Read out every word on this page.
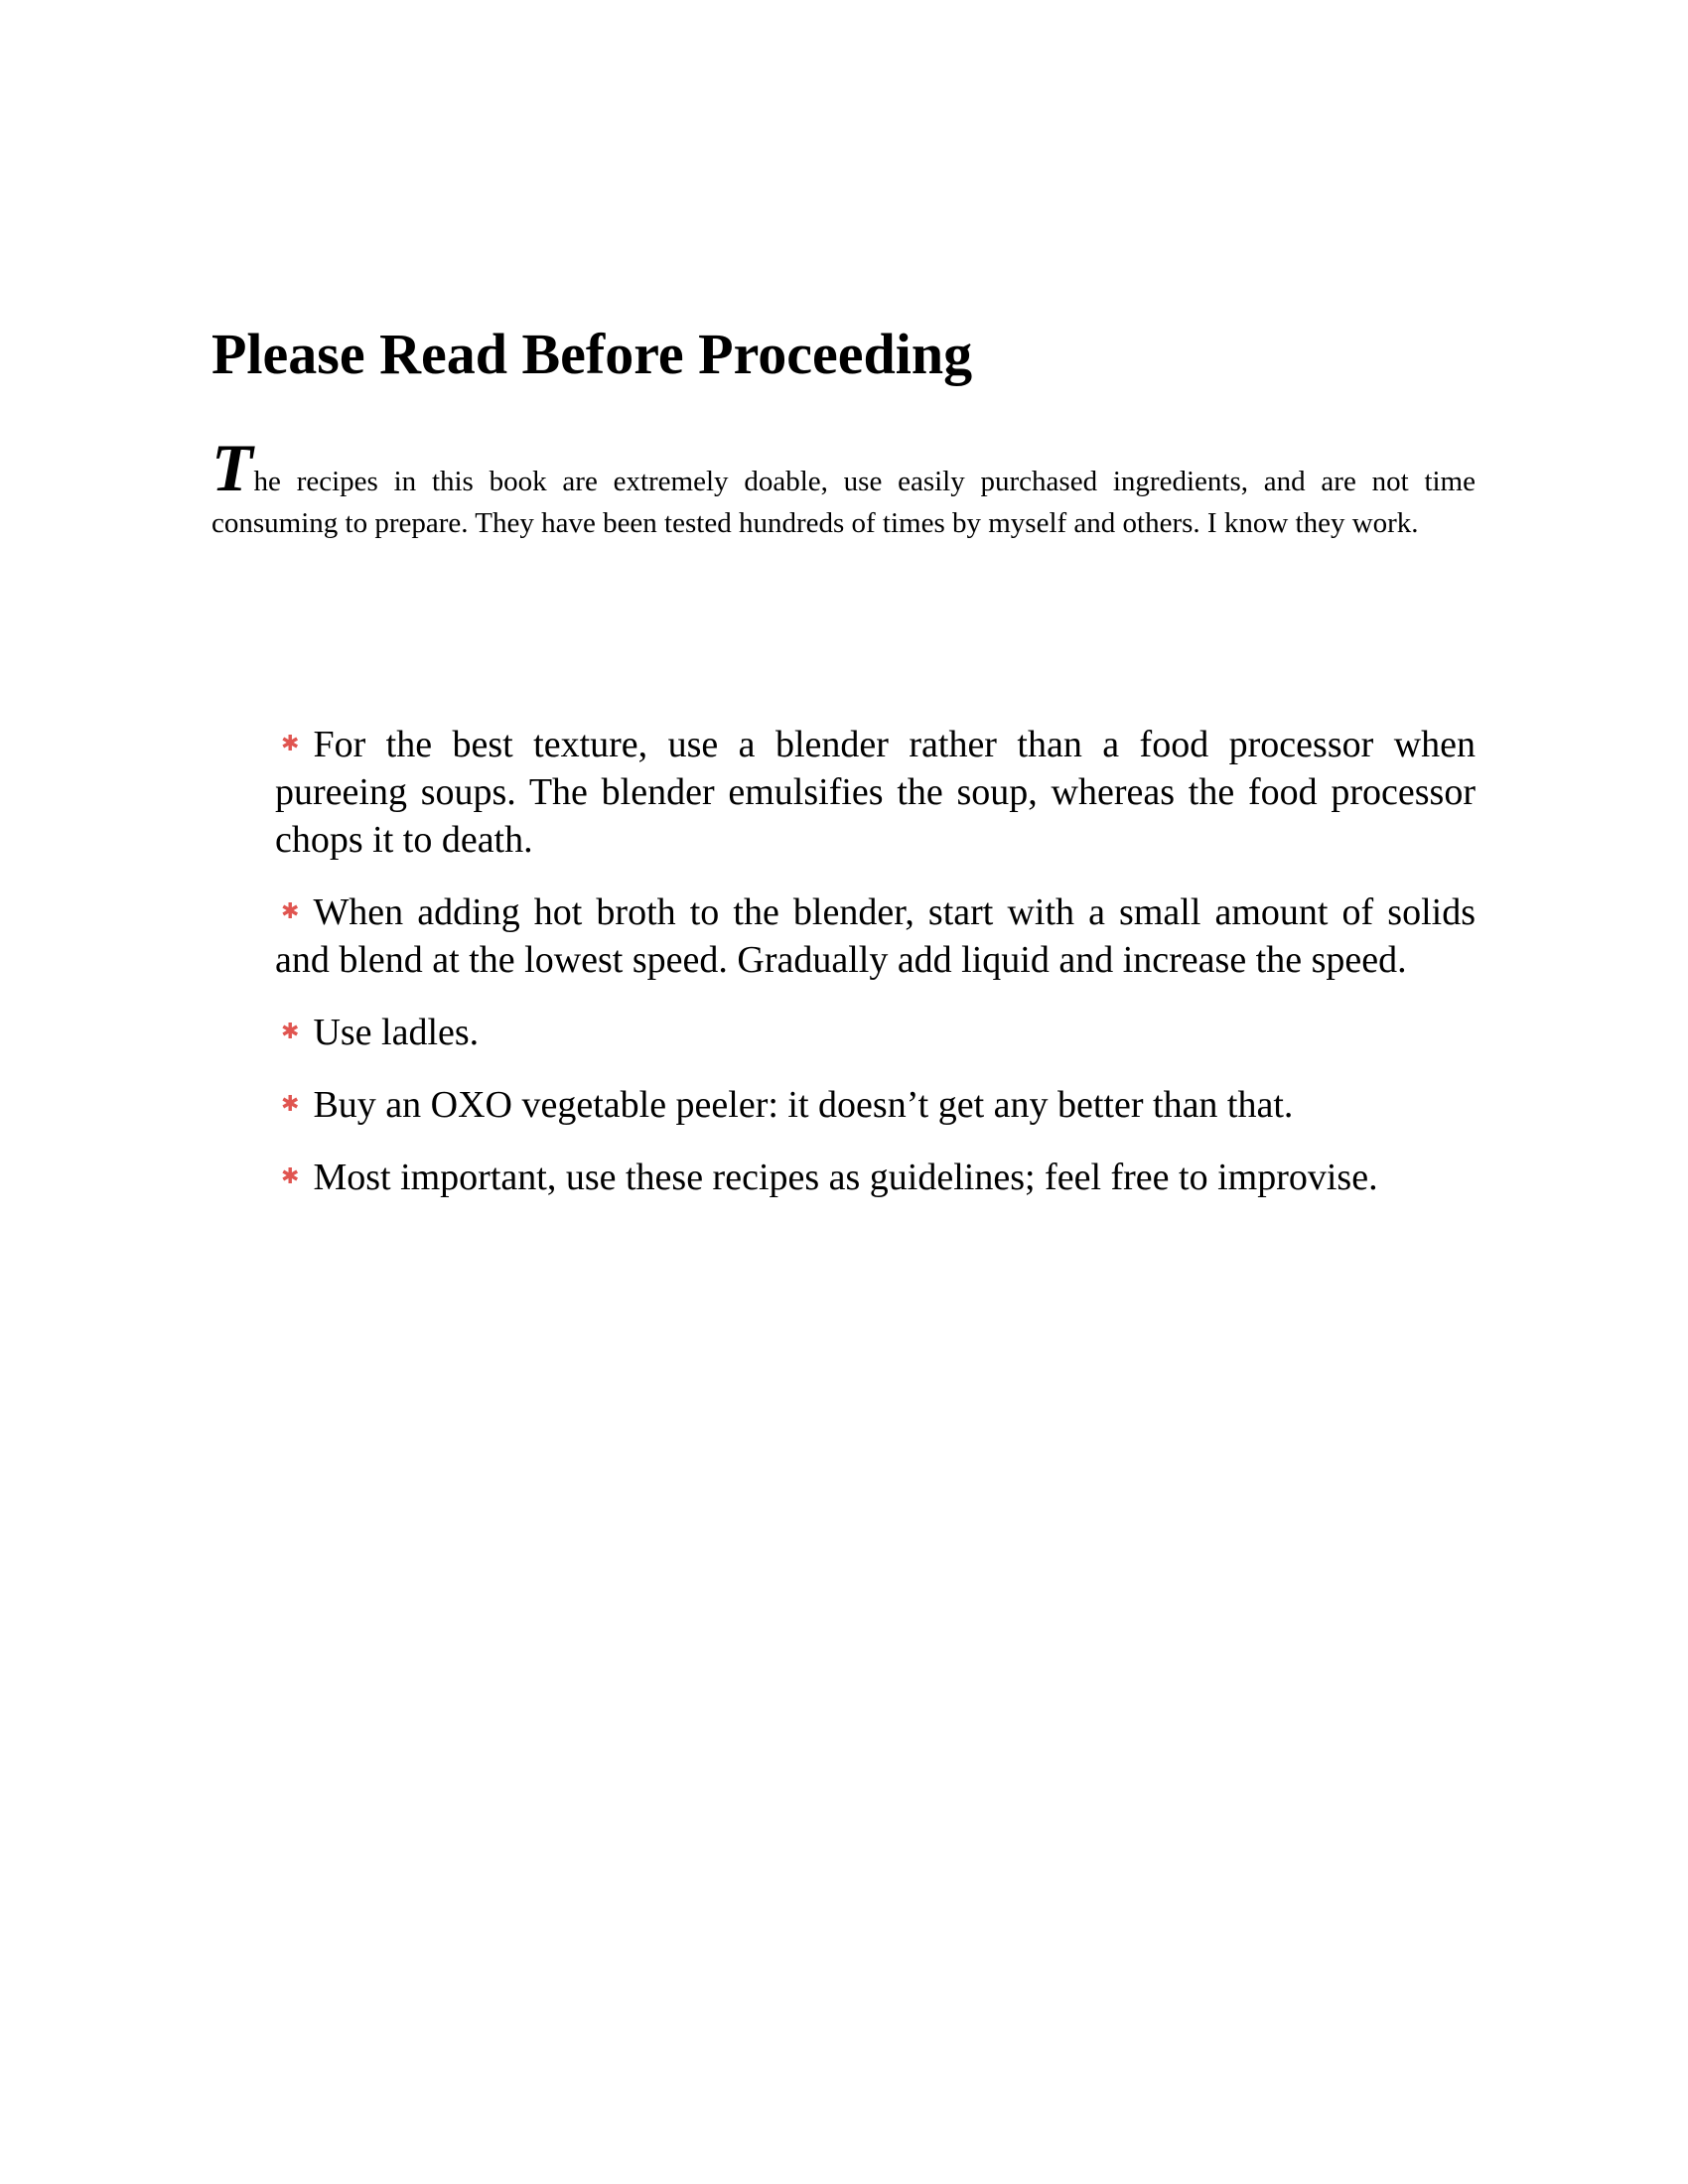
Please Read Before Proceeding

The recipes in this book are extremely doable, use easily purchased ingredients, and are not time consuming to prepare. They have been tested hundreds of times by myself and others. I know they work.

✱ For the best texture, use a blender rather than a food processor when pureeing soups. The blender emulsifies the soup, whereas the food processor chops it to death.
✱ When adding hot broth to the blender, start with a small amount of solids and blend at the lowest speed. Gradually add liquid and increase the speed.
✱ Use ladles.
✱ Buy an OXO vegetable peeler: it doesn’t get any better than that.
✱ Most important, use these recipes as guidelines; feel free to improvise.
